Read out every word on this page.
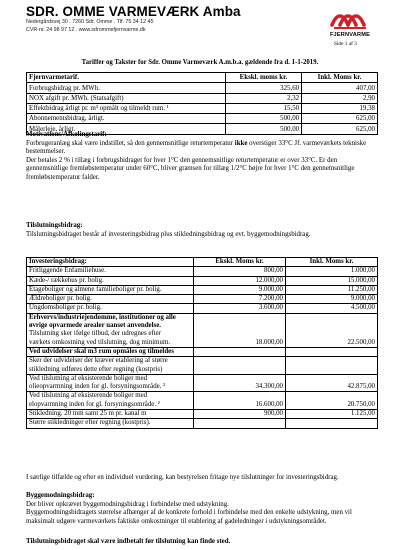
SDR. OMME VARMEVÆRK Amba
Nedergårdsvej 30 . 7260 Sdr. Omme . Tlf. 75 34 12 45
CVR-nr. 24 98 97 12 . www.sdrommefjernvarme.dk
FJERNVARME
Side 1 af 3
Tariffer og Takster for Sdr. Omme Varmeværk A.m.b.a. gældende fra d. 1-1-2019.
Fjernvarmetarif.	Ekskl. moms kr.	Inkl. Moms kr.
Forbrugsbidrag pr. MWh.	325,60	407,00
NOX afgift pr. MWh. (Statsafgift)	2,32	2,90
Effektbidrag årligt pr. m³ opmålt og tilmeldt rum. ¹	15,50	19,38
Abonnementsbidrag, årligt.	500,00	625,00
Målerleje, årligt.	500,00	625,00

Motivations/Afkølingstarif:

Forbrugeranlæg skal være indstillet, så den gennemsnitlige returtemperatur ikke overstiger 33°C Jf. varmeværkets tekniske bestemmelser.

Der betales 2 % i tillæg i forbrugsbidraget for hver 1°C den gennemsnitlige returtemperatur er over 33°C. Er den gennemsnitlige fremløbstemperatur under 60°C, bliver grænsen for tillæg 1/2°C højre for hver 1°C den gennemsnitlige fremløbstemperatur falder.

Tilslutningsbidrag:

Tilslutningsbidraget består af investeringsbidrag plus stikledningsbidrag og evt. byggemodningsbidrag.

Investeringsbidrag:	Ekskl. Moms kr.	Inkl. Moms kr.
Fritliggende Enfamiliehuse.	800,00	1.000,00
Kæde-/ rækkehus pr. bolig.	12.000,00	15.000,00
Etageboliger og almene familieboliger pr. bolig.	9.000,00	11.250,00
Ældreboliger pr. bolig.	7.200,00	9.000,00
Ungdomsboliger pr. bolig.	3.600,00	4.500,00

Erhvervs/industriejendomme, institutioner og alle
øvrige opvarmede arealer uanset anvendelse.
Tilslutning sker ifølge tilbud, der udregnes efter
værkets omkostning ved tilslutning, dog minimum.	18.000,00	22.500,00
Ved udvidelser skal m3 rum opmåles og tilmeldes		

Sker der udvidelser der kræver etablering af større
stikledning udføres dette efter regning (kostpris)		

Ved tilslutning af eksisterende boliger med
olieopvarmning inden for gl. forsyningsområde. ²	34.300,00	42.875,00

Ved tilslutning af eksisterende boliger med
elopvarmning inden for gl. forsyningsområde. ²	16.600,00	20.750,00
Stikledning. 20 mm samt 25 m pr. kanal m	900,00	1.125,00
Større stikledninger efter regning (kostpris).		
I særlige tilfælde og efter en individuel vurdering, kan bestyrelsen fritage nye tilslutninger for investeringsbidrag.

Byggemodningsbidrag:

Der bliver opkrævet byggemodningsbidrag i forbindelse med udstykning.

Byggemodningsbidragets størrelse afhænger af de konkrete forhold i forbindelse med den enkelte udstykning, men vil maksimalt udgøre varmeværkets faktiske omkostninger til etablering af gadeledninger i udstykningsområdet.

Tilslutningsbidraget skal være indbetalt før tilslutning kan finde sted.
